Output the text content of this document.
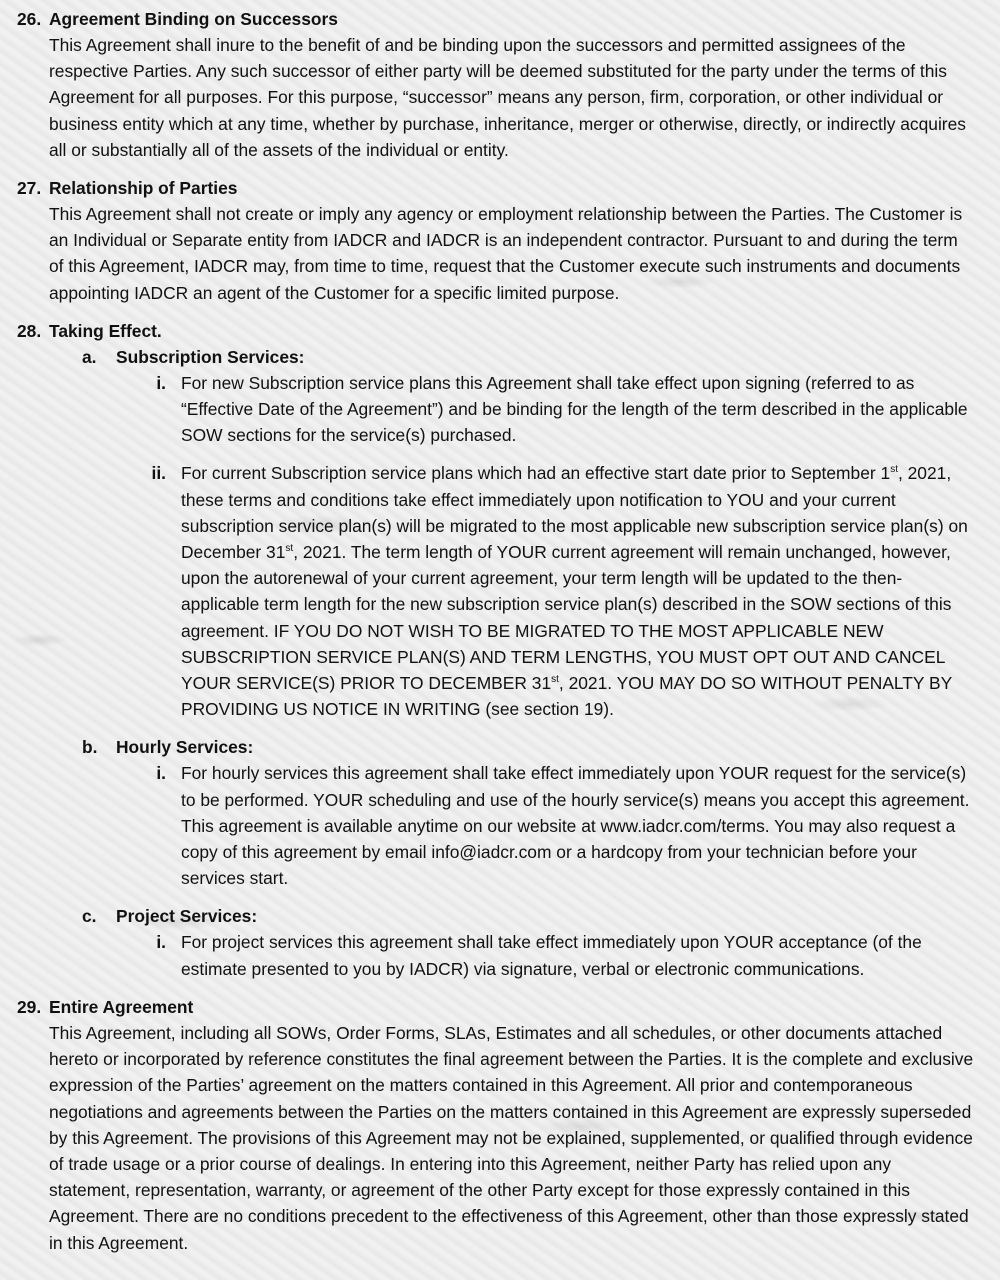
26. Agreement Binding on Successors
This Agreement shall inure to the benefit of and be binding upon the successors and permitted assignees of the respective Parties. Any such successor of either party will be deemed substituted for the party under the terms of this Agreement for all purposes. For this purpose, “successor” means any person, firm, corporation, or other individual or business entity which at any time, whether by purchase, inheritance, merger or otherwise, directly, or indirectly acquires all or substantially all of the assets of the individual or entity.
27. Relationship of Parties
This Agreement shall not create or imply any agency or employment relationship between the Parties. The Customer is an Individual or Separate entity from IADCR and IADCR is an independent contractor. Pursuant to and during the term of this Agreement, IADCR may, from time to time, request that the Customer execute such instruments and documents appointing IADCR an agent of the Customer for a specific limited purpose.
28. Taking Effect.
a. Subscription Services:
i. For new Subscription service plans this Agreement shall take effect upon signing (referred to as “Effective Date of the Agreement”) and be binding for the length of the term described in the applicable SOW sections for the service(s) purchased.
ii. For current Subscription service plans which had an effective start date prior to September 1st, 2021, these terms and conditions take effect immediately upon notification to YOU and your current subscription service plan(s) will be migrated to the most applicable new subscription service plan(s) on December 31st, 2021. The term length of YOUR current agreement will remain unchanged, however, upon the autorenewal of your current agreement, your term length will be updated to the then-applicable term length for the new subscription service plan(s) described in the SOW sections of this agreement. IF YOU DO NOT WISH TO BE MIGRATED TO THE MOST APPLICABLE NEW SUBSCRIPTION SERVICE PLAN(S) AND TERM LENGTHS, YOU MUST OPT OUT AND CANCEL YOUR SERVICE(S) PRIOR TO DECEMBER 31st, 2021. YOU MAY DO SO WITHOUT PENALTY BY PROVIDING US NOTICE IN WRITING (see section 19).
b. Hourly Services:
i. For hourly services this agreement shall take effect immediately upon YOUR request for the service(s) to be performed. YOUR scheduling and use of the hourly service(s) means you accept this agreement. This agreement is available anytime on our website at www.iadcr.com/terms. You may also request a copy of this agreement by email info@iadcr.com or a hardcopy from your technician before your services start.
c. Project Services:
i. For project services this agreement shall take effect immediately upon YOUR acceptance (of the estimate presented to you by IADCR) via signature, verbal or electronic communications.
29. Entire Agreement
This Agreement, including all SOWs, Order Forms, SLAs, Estimates and all schedules, or other documents attached hereto or incorporated by reference constitutes the final agreement between the Parties. It is the complete and exclusive expression of the Parties’ agreement on the matters contained in this Agreement. All prior and contemporaneous negotiations and agreements between the Parties on the matters contained in this Agreement are expressly superseded by this Agreement. The provisions of this Agreement may not be explained, supplemented, or qualified through evidence of trade usage or a prior course of dealings. In entering into this Agreement, neither Party has relied upon any statement, representation, warranty, or agreement of the other Party except for those expressly contained in this Agreement. There are no conditions precedent to the effectiveness of this Agreement, other than those expressly stated in this Agreement.
